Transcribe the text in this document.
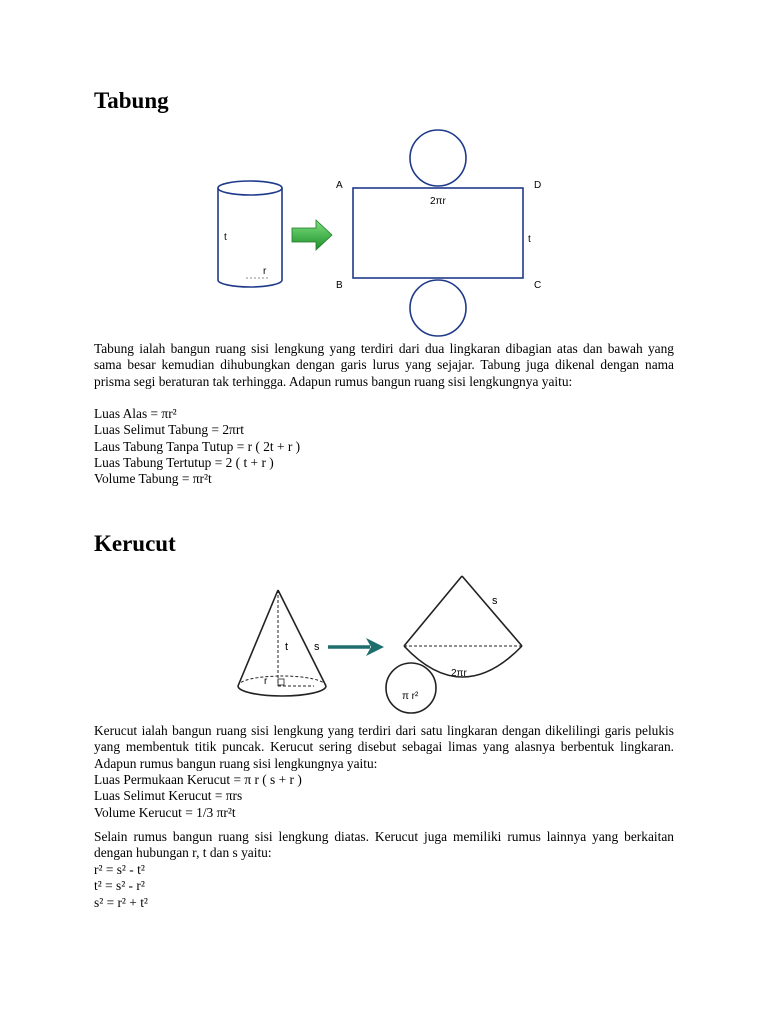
Tabung
t
r
A	D
B	C
2πr
t

Tabung ialah bangun ruang sisi lengkung yang terdiri dari dua lingkaran dibagian atas dan bawah yang sama besar kemudian dihubungkan dengan garis lurus yang sejajar. Tabung juga dikenal dengan nama prisma segi beraturan tak terhingga. Adapun rumus bangun ruang sisi lengkungnya yaitu:

Luas Alas = πr²
Luas Selimut Tabung = 2πrt
Laus Tabung Tanpa Tutup = r ( 2t + r )
Luas Tabung Tertutup = 2 ( t + r )
Volume Tabung = πr²t
Kerucut
t
r
s
s
2πr
π r²

Kerucut ialah bangun ruang sisi lengkung yang terdiri dari satu lingkaran dengan dikelilingi garis pelukis yang membentuk titik puncak. Kerucut sering disebut sebagai limas yang alasnya berbentuk lingkaran. Adapun rumus bangun ruang sisi lengkungnya yaitu:

Luas Permukaan Kerucut = π r ( s + r )
Luas Selimut Kerucut = πrs
Volume Kerucut = 1/3 πr²t

Selain rumus bangun ruang sisi lengkung diatas. Kerucut juga memiliki rumus lainnya yang berkaitan dengan hubungan r, t dan s yaitu:

r² = s² - t²
t² = s² - r²
s² = r² + t²
